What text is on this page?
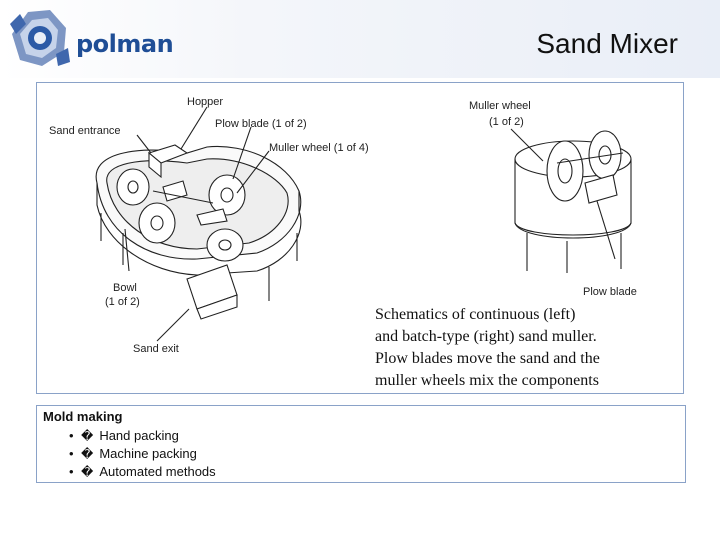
polman	Sand Mixer
Hopper
Sand entrance
Plow blade (1 of 2)
Muller wheel (1 of 4)
Bowl
(1 of 2)
Sand exit
Muller wheel
(1 of 2)
Plow blade
Schematics of continuous (left)
and batch-type (right) sand muller.
Plow blades move the sand and the
muller wheels mix the components
Mold making
• � Hand packing
• � Machine packing
• � Automated methods
